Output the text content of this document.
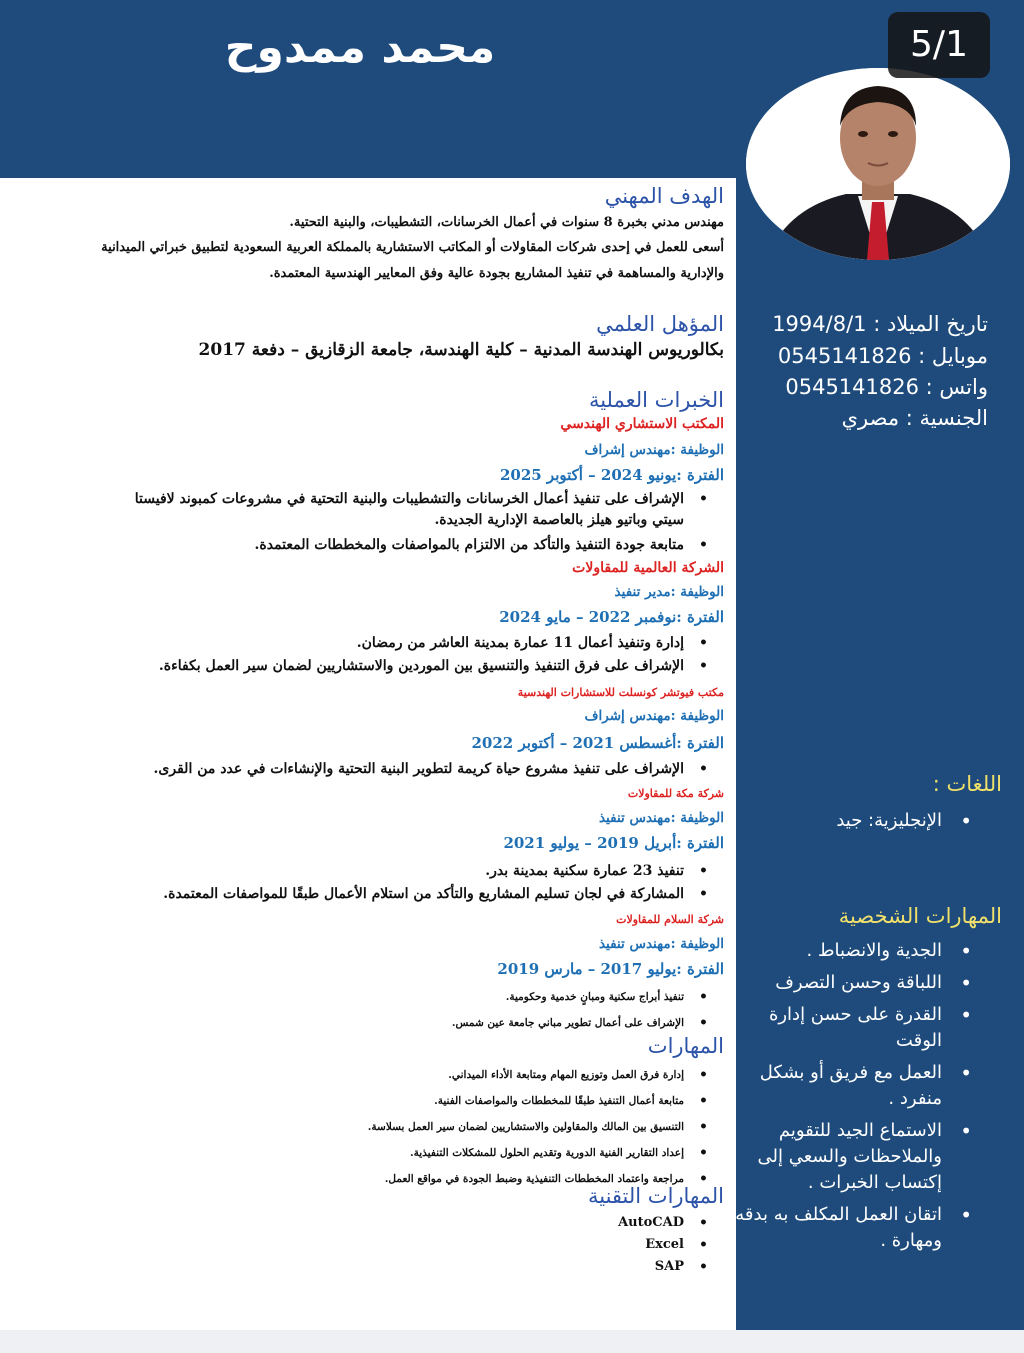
محمد ممدوح	5/1
تاريخ الميلاد : 1994/8/1
موبايل : 0545141826
واتس : 0545141826
الجنسية : مصري
اللغات :
• الإنجليزية: جيد
المهارات الشخصية
• الجدية والانضباط .
• اللباقة وحسن التصرف
• القدرة على حسن إدارة الوقت
• العمل مع فريق أو بشكل منفرد .
• الاستماع الجيد للتقويم والملاحظات والسعي إلى إكتساب الخبرات .
• اتقان العمل المكلف به بدقه ومهارة .
الهدف المهني
مهندس مدني بخبرة 8 سنوات في أعمال الخرسانات، التشطيبات، والبنية التحتية.
أسعى للعمل في إحدى شركات المقاولات أو المكاتب الاستشارية بالمملكة العربية السعودية لتطبيق خبراتي الميدانية
والإدارية والمساهمة في تنفيذ المشاريع بجودة عالية وفق المعايير الهندسية المعتمدة.
المؤهل العلمي
بكالوريوس الهندسة المدنية – كلية الهندسة، جامعة الزقازيق – دفعة 2017
الخبرات العملية
المكتب الاستشاري الهندسي
الوظيفة :مهندس إشراف
الفترة :يونيو 2024 – أكتوبر 2025
• الإشراف على تنفيذ أعمال الخرسانات والتشطيبات والبنية التحتية في مشروعات كمبوند لافيستا
سيتي وباتيو هيلز بالعاصمة الإدارية الجديدة.
• متابعة جودة التنفيذ والتأكد من الالتزام بالمواصفات والمخططات المعتمدة.
الشركة العالمية للمقاولات
الوظيفة :مدير تنفيذ
الفترة :نوفمبر 2022 – مايو 2024
• إدارة وتنفيذ أعمال 11 عمارة بمدينة العاشر من رمضان.
• الإشراف على فرق التنفيذ والتنسيق بين الموردين والاستشاريين لضمان سير العمل بكفاءة.
مكتب فيوتشر كونسلت للاستشارات الهندسية
الوظيفة :مهندس إشراف
الفترة :أغسطس 2021 – أكتوبر 2022
• الإشراف على تنفيذ مشروع حياة كريمة لتطوير البنية التحتية والإنشاءات في عدد من القرى.
شركة مكة للمقاولات
الوظيفة :مهندس تنفيذ
الفترة :أبريل 2019 – يوليو 2021
• تنفيذ 23 عمارة سكنية بمدينة بدر.
• المشاركة في لجان تسليم المشاريع والتأكد من استلام الأعمال طبقًا للمواصفات المعتمدة.
شركة السلام للمقاولات
الوظيفة :مهندس تنفيذ
الفترة :يوليو 2017 – مارس 2019
• تنفيذ أبراج سكنية ومبانٍ خدمية وحكومية.
• الإشراف على أعمال تطوير مباني جامعة عين شمس.
المهارات
• إدارة فرق العمل وتوزيع المهام ومتابعة الأداء الميداني.
• متابعة أعمال التنفيذ طبقًا للمخططات والمواصفات الفنية.
• التنسيق بين المالك والمقاولين والاستشاريين لضمان سير العمل بسلاسة.
• إعداد التقارير الفنية الدورية وتقديم الحلول للمشكلات التنفيذية.
• مراجعة واعتماد المخططات التنفيذية وضبط الجودة في مواقع العمل.
المهارات التقنية
• AutoCAD
• Excel
• SAP
